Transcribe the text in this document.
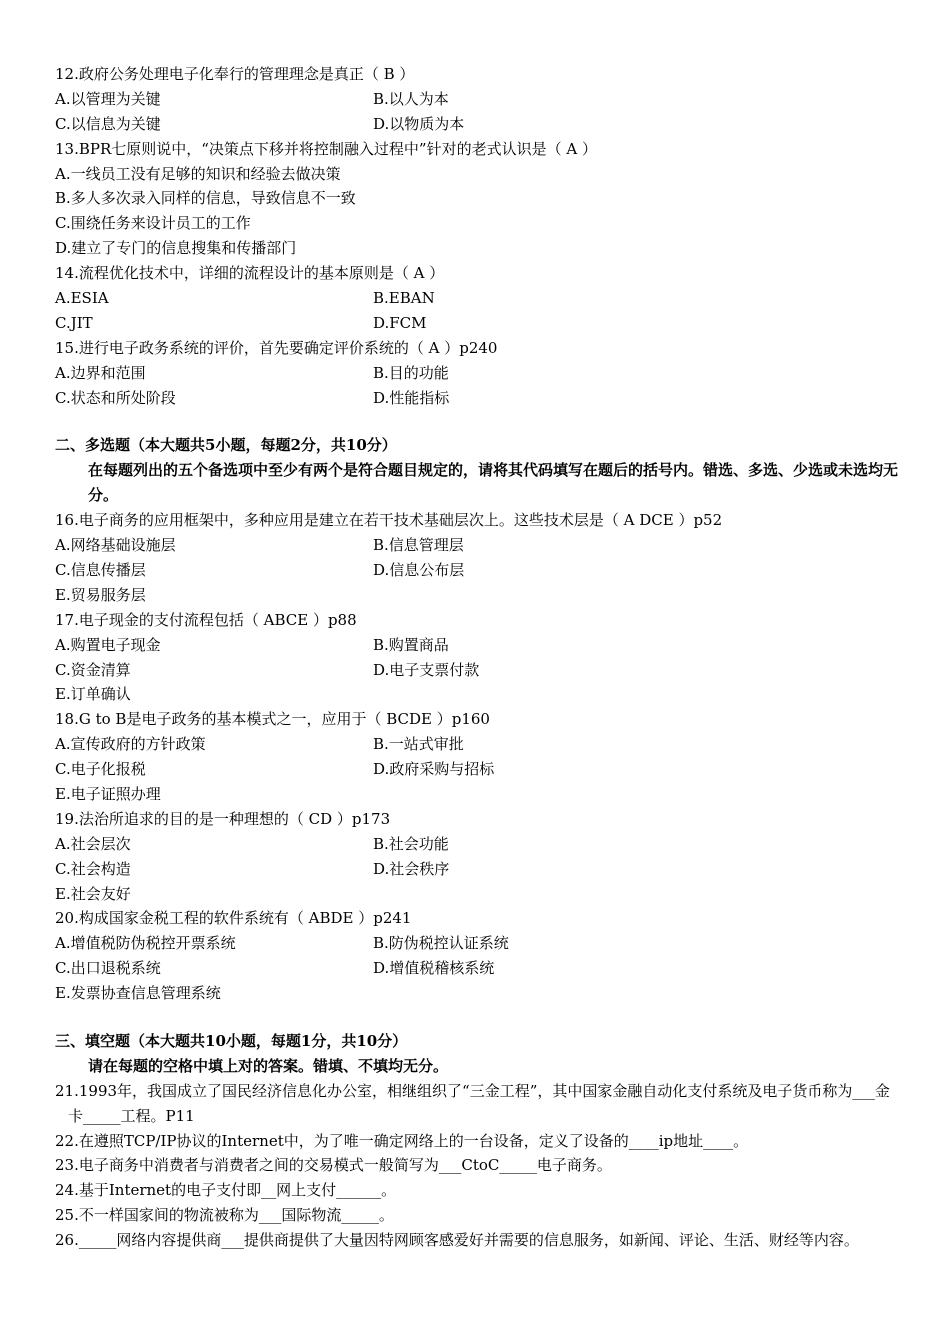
12.政府公务处理电子化奉行的管理理念是真正（ B ）
A.以管理为关键	B.以人为本
C.以信息为关键	D.以物质为本
13.BPR七原则说中，“决策点下移并将控制融入过程中”针对的老式认识是（ A ）
A.一线员工没有足够的知识和经验去做决策
B.多人多次录入同样的信息，导致信息不一致
C.围绕任务来设计员工的工作
D.建立了专门的信息搜集和传播部门
14.流程优化技术中，详细的流程设计的基本原则是（ A ）
A.ESIA	B.EBAN
C.JIT	D.FCM
15.进行电子政务系统的评价，首先要确定评价系统的（ A ）p240
A.边界和范围	B.目的功能
C.状态和所处阶段	D.性能指标
二、多选题（本大题共5小题，每题2分，共10分）
在每题列出的五个备选项中至少有两个是符合题目规定的，请将其代码填写在题后的括号内。错选、多选、少选或未选均无分。
16.电子商务的应用框架中，多种应用是建立在若干技术基础层次上。这些技术层是（ A DCE ）p52
A.网络基础设施层	B.信息管理层
C.信息传播层	D.信息公布层
E.贸易服务层
17.电子现金的支付流程包括（ ABCE ）p88
A.购置电子现金	B.购置商品
C.资金清算	D.电子支票付款
E.订单确认
18.G to B是电子政务的基本模式之一，应用于（ BCDE ）p160
A.宣传政府的方针政策	B.一站式审批
C.电子化报税	D.政府采购与招标
E.电子证照办理
19.法治所追求的目的是一种理想的（ CD ）p173
A.社会层次	B.社会功能
C.社会构造	D.社会秩序
E.社会友好
20.构成国家金税工程的软件系统有（ ABDE ）p241
A.增值税防伪税控开票系统	B.防伪税控认证系统
C.出口退税系统	D.增值税稽核系统
E.发票协查信息管理系统
三、填空题（本大题共10小题，每题1分，共10分）
请在每题的空格中填上对的答案。错填、不填均无分。
21.1993年，我国成立了国民经济信息化办公室，相继组织了“三金工程”，其中国家金融自动化支付系统及电子货币称为___金卡_____工程。P11
22.在遵照TCP/IP协议的Internet中，为了唯一确定网络上的一台设备，定义了设备的____ip地址____。
23.电子商务中消费者与消费者之间的交易模式一般简写为___CtoC_____电子商务。
24.基于Internet的电子支付即__网上支付______。
25.不一样国家间的物流被称为___国际物流_____。
26._____网络内容提供商___提供商提供了大量因特网顾客感爱好并需要的信息服务，如新闻、评论、生活、财经等内容。
